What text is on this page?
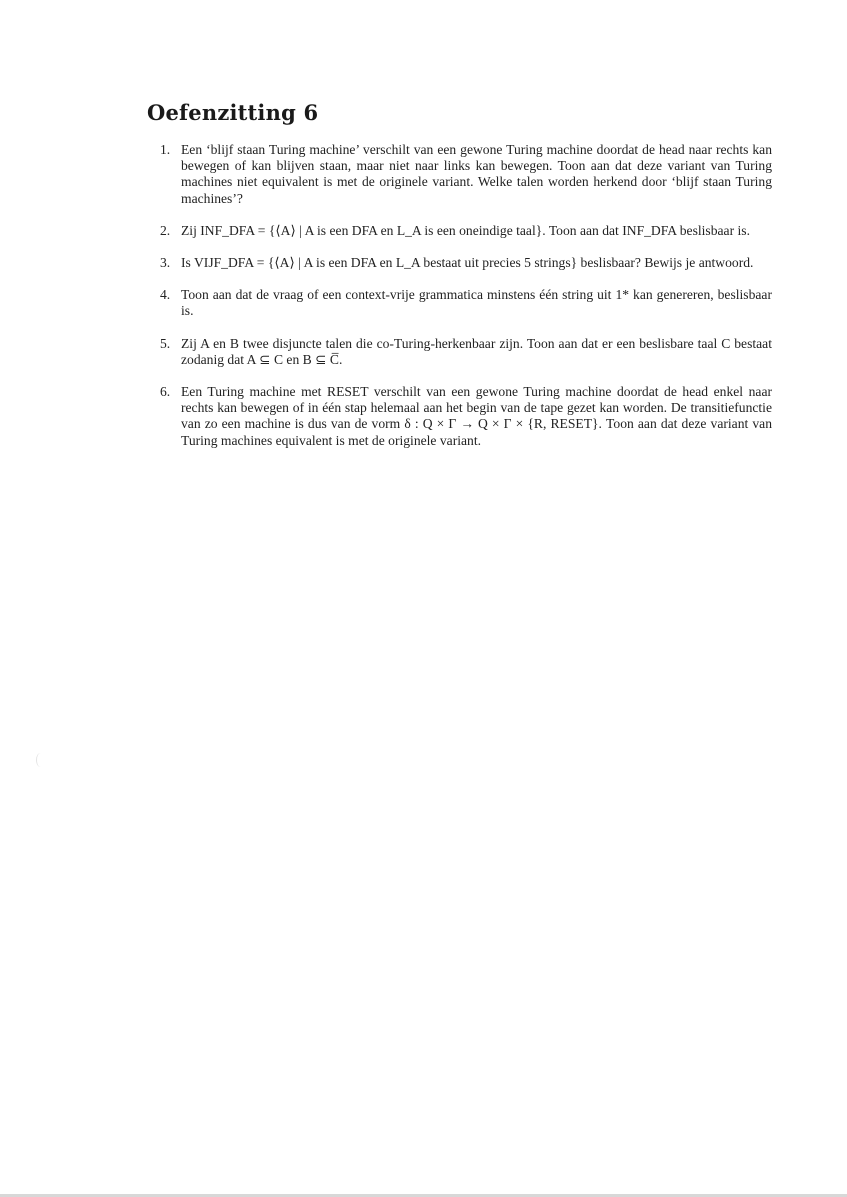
Oefenzitting 6
1. Een ‘blijf staan Turing machine’ verschilt van een gewone Turing machine doordat de head naar rechts kan bewegen of kan blijven staan, maar niet naar links kan bewegen. Toon aan dat deze variant van Turing machines niet equivalent is met de originele variant. Welke talen worden herkend door ‘blijf staan Turing machines’?
2. Zij INF_DFA = {⟨A⟩ | A is een DFA en L_A is een oneindige taal}. Toon aan dat INF_DFA beslisbaar is.
3. Is VIJF_DFA = {⟨A⟩ | A is een DFA en L_A bestaat uit precies 5 strings} beslisbaar? Bewijs je antwoord.
4. Toon aan dat de vraag of een context-vrije grammatica minstens één string uit 1* kan genereren, beslisbaar is.
5. Zij A en B twee disjuncte talen die co-Turing-herkenbaar zijn. Toon aan dat er een beslisbare taal C bestaat zodanig dat A ⊆ C en B ⊆ C̅.
6. Een Turing machine met RESET verschilt van een gewone Turing machine doordat de head enkel naar rechts kan bewegen of in één stap helemaal aan het begin van de tape gezet kan worden. De transitiefunctie van zo een machine is dus van de vorm δ : Q × Γ → Q × Γ × {R, RESET}. Toon aan dat deze variant van Turing machines equivalent is met de originele variant.
